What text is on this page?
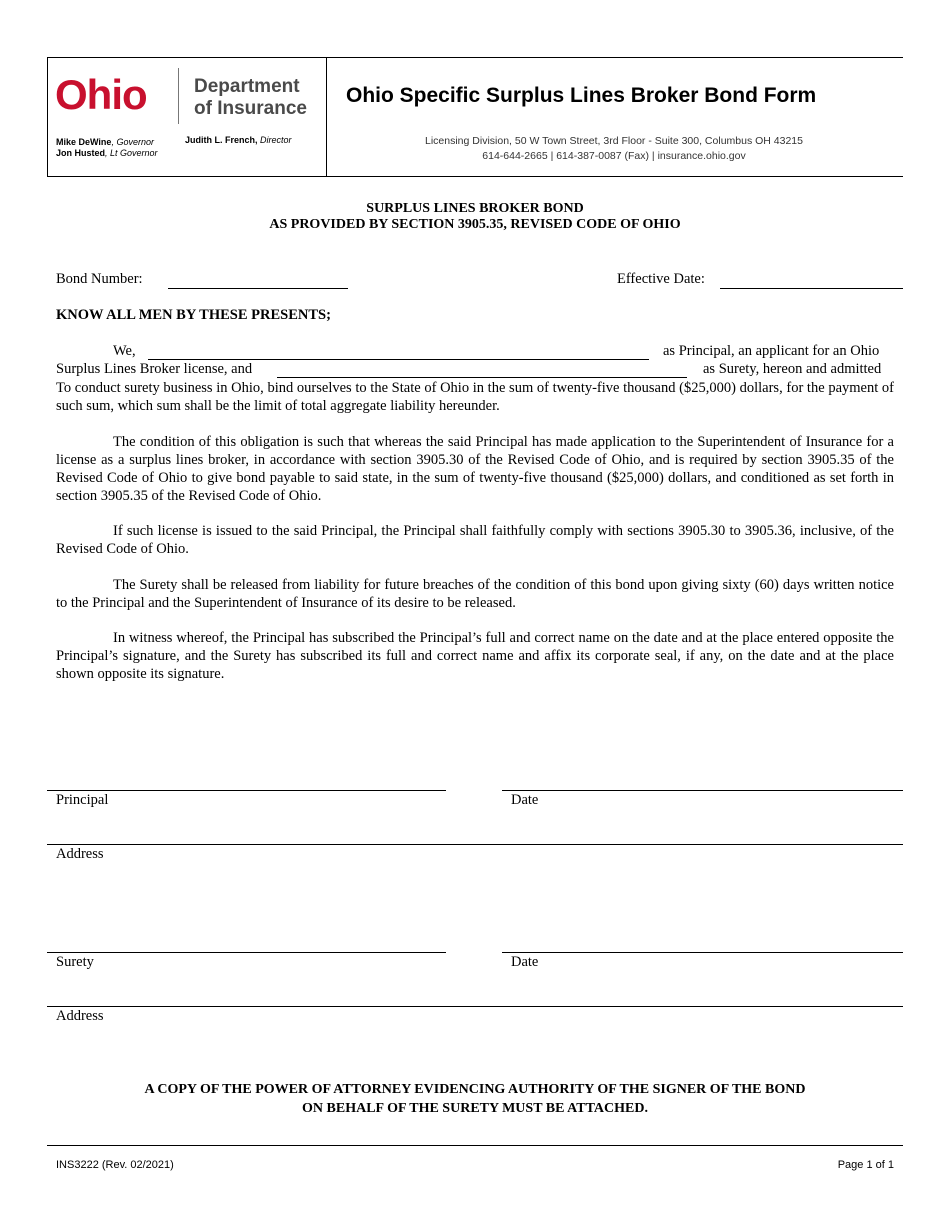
Ohio Department
of Insurance
Mike DeWine, Governor
Jon Husted, Lt Governor
Judith L. French, Director
Ohio Specific Surplus Lines Broker Bond Form
Licensing Division, 50 W Town Street, 3rd Floor - Suite 300, Columbus OH 43215
614-644-2665 | 614-387-0087 (Fax) | insurance.ohio.gov
SURPLUS LINES BROKER BOND
AS PROVIDED BY SECTION 3905.35, REVISED CODE OF OHIO
Bond Number:	Effective Date:
KNOW ALL MEN BY THESE PRESENTS;
We,	as Principal, an applicant for an Ohio
Surplus Lines Broker license, and	as Surety, hereon and admitted
To conduct surety business in Ohio, bind ourselves to the State of Ohio in the sum of twenty-five thousand ($25,000) dollars, for the payment of such sum, which sum shall be the limit of total aggregate liability hereunder.
The condition of this obligation is such that whereas the said Principal has made application to the Superintendent of Insurance for a license as a surplus lines broker, in accordance with section 3905.30 of the Revised Code of Ohio, and is required by section 3905.35 of the Revised Code of Ohio to give bond payable to said state, in the sum of twenty-five thousand ($25,000) dollars, and conditioned as set forth in section 3905.35 of the Revised Code of Ohio.
If such license is issued to the said Principal, the Principal shall faithfully comply with sections 3905.30 to 3905.36, inclusive, of the Revised Code of Ohio.
The Surety shall be released from liability for future breaches of the condition of this bond upon giving sixty (60) days written notice to the Principal and the Superintendent of Insurance of its desire to be released.
In witness whereof, the Principal has subscribed the Principal’s full and correct name on the date and at the place entered opposite the Principal’s signature, and the Surety has subscribed its full and correct name and affix its corporate seal, if any, on the date and at the place shown opposite its signature.
Principal	Date
Address
Surety	Date
Address
A COPY OF THE POWER OF ATTORNEY EVIDENCING AUTHORITY OF THE SIGNER OF THE BOND
ON BEHALF OF THE SURETY MUST BE ATTACHED.
INS3222 (Rev. 02/2021)	Page 1 of 1
